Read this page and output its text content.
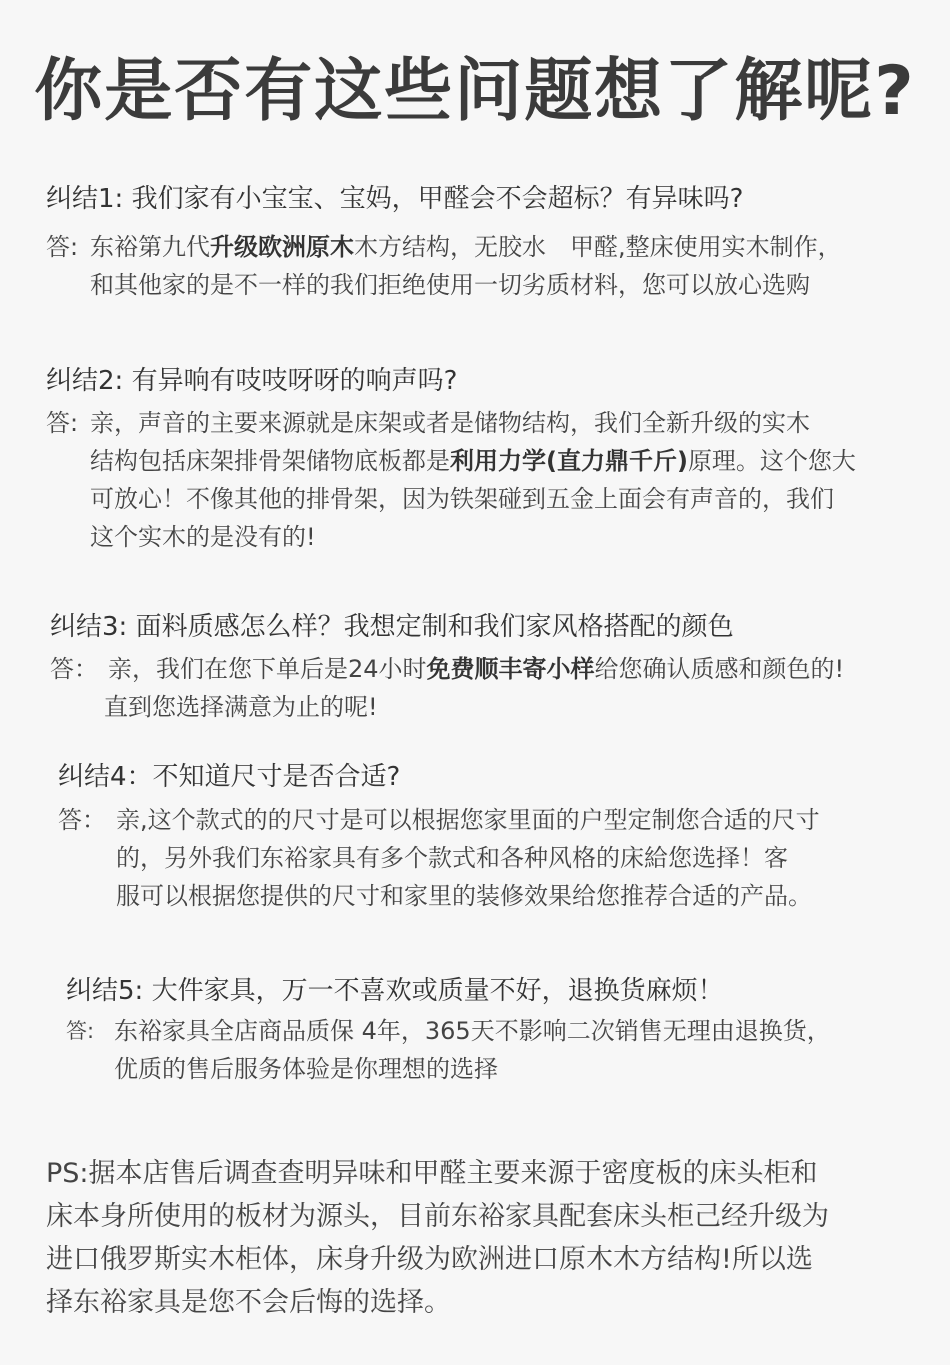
你是否有这些问题想了解呢?
纠结1: 我们家有小宝宝、宝妈，甲醛会不会超标？有异味吗?
答: 东裕第九代升级欧洲原木木方结构，无胶水　甲醛,整床使用实木制作，
和其他家的是不一样的我们拒绝使用一切劣质材料，您可以放心选购
纠结2: 有异响有吱吱呀呀的响声吗?
答: 亲，声音的主要来源就是床架或者是储物结构，我们全新升级的实木
结构包括床架排骨架储物底板都是利用力学(直力鼎千斤)原理。这个您大
可放心！不像其他的排骨架，因为铁架碰到五金上面会有声音的，我们
这个实木的是没有的!
纠结3: 面料质感怎么样？我想定制和我们家风格搭配的颜色
答： 亲，我们在您下单后是24小时免费顺丰寄小样给您确认质感和颜色的!
直到您选择满意为止的呢!
纠结4：不知道尺寸是否合适?
答： 亲,这个款式的的尺寸是可以根据您家里面的户型定制您合适的尺寸
的，另外我们东裕家具有多个款式和各种风格的床給您选择！客
服可以根据您提供的尺寸和家里的装修效果给您推荐合适的产品。
纠结5: 大件家具，万一不喜欢或质量不好，退换货麻烦！
答: 东裕家具全店商品质保 4年，365天不影响二次销售无理由退换货，
优质的售后服务体验是你理想的选择
PS:据本店售后调查查明异味和甲醛主要来源于密度板的床头柜和
床本身所使用的板材为源头，目前东裕家具配套床头柜己经升级为
进口俄罗斯实木柜体，床身升级为欧洲进口原木木方结构!所以选
择东裕家具是您不会后悔的选择。
